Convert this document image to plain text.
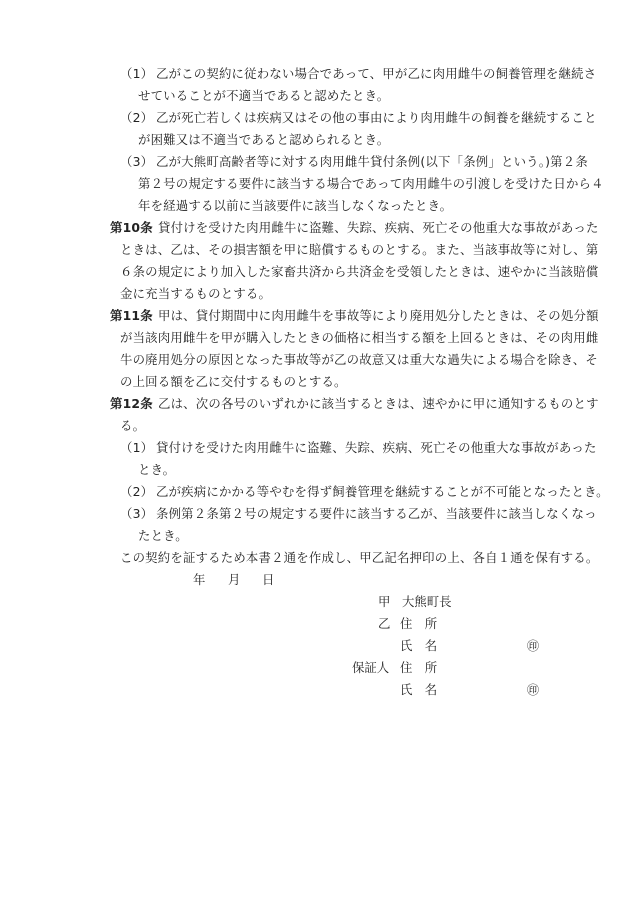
（1） 乙がこの契約に従わない場合であって、甲が乙に肉用雌牛の飼養管理を継続さ
せていることが不適当であると認めたとき。
（2） 乙が死亡若しくは疾病又はその他の事由により肉用雌牛の飼養を継続すること
が困難又は不適当であると認められるとき。
（3） 乙が大熊町高齢者等に対する肉用雌牛貸付条例(以下「条例」という。)第２条
第２号の規定する要件に該当する場合であって肉用雌牛の引渡しを受けた日から４
年を経過する以前に当該要件に該当しなくなったとき。
第10条 貸付けを受けた肉用雌牛に盗難、失踪、疾病、死亡その他重大な事故があった
ときは、乙は、その損害額を甲に賠償するものとする。また、当該事故等に対し、第
６条の規定により加入した家畜共済から共済金を受領したときは、速やかに当該賠償
金に充当するものとする。
第11条 甲は、貸付期間中に肉用雌牛を事故等により廃用処分したときは、その処分額
が当該肉用雌牛を甲が購入したときの価格に相当する額を上回るときは、その肉用雌
牛の廃用処分の原因となった事故等が乙の故意又は重大な過失による場合を除き、そ
の上回る額を乙に交付するものとする。
第12条 乙は、次の各号のいずれかに該当するときは、速やかに甲に通知するものとす
る。
（1） 貸付けを受けた肉用雌牛に盗難、失踪、疾病、死亡その他重大な事故があった
とき。
（2） 乙が疾病にかかる等やむを得ず飼養管理を継続することが不可能となったとき。
（3） 条例第２条第２号の規定する要件に該当する乙が、当該要件に該当しなくなっ
たとき。
この契約を証するため本書２通を作成し、甲乙記名押印の上、各自１通を保有する。
年 月 日
甲 大熊町長
乙 住　所
氏　名	㊞
保証人 住　所
氏　名	㊞
